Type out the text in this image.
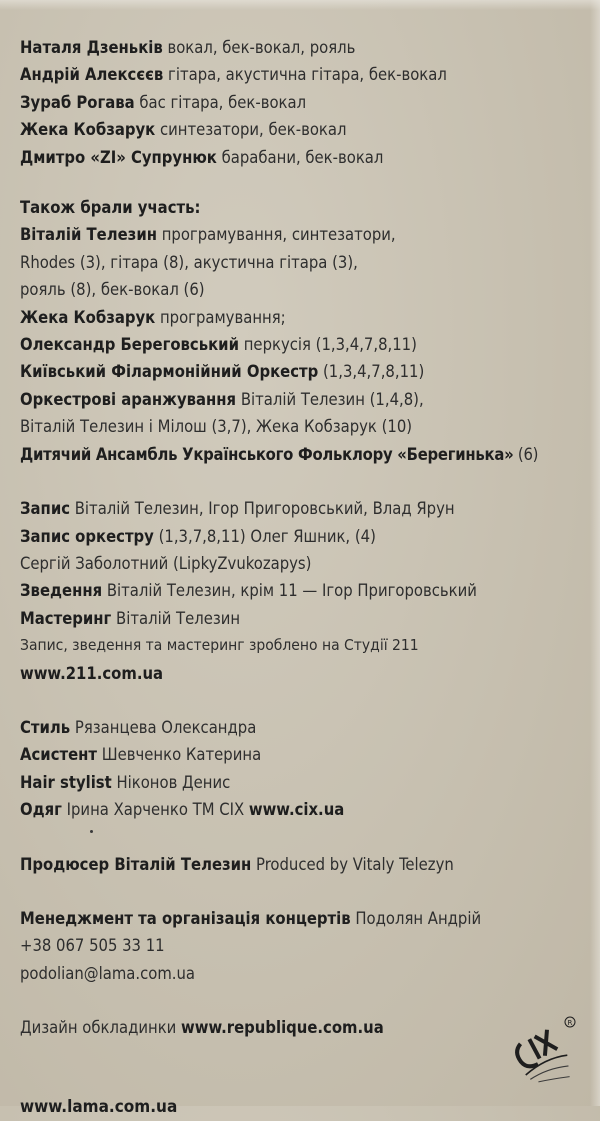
Наталя Дзеньків вокал, бек-вокал, рояль
Андрій Алексєєв гітара, акустична гітара, бек-вокал
Зураб Рогава бас гітара, бек-вокал
Жека Кобзарук синтезатори, бек-вокал
Дмитро «ZI» Супрунюк барабани, бек-вокал
Також брали участь:
Віталій Телезин програмування, синтезатори,
Rhodes (3), гітара (8), акустична гітара (3),
рояль (8), бек-вокал (6)
Жека Кобзарук програмування;
Олександр Береговський перкусія (1,3,4,7,8,11)
Київський Філармонійний Оркестр (1,3,4,7,8,11)
Оркестрові аранжування Віталій Телезин (1,4,8),
Віталій Телезин і Мілош (3,7), Жека Кобзарук (10)
Дитячий Ансамбль Українського Фольклору «Берегинька» (6)
Запис Віталій Телезин, Ігор Пригоровський, Влад Ярун
Запис оркестру (1,3,7,8,11) Олег Яшник, (4)
Сергій Заболотний (LipkyZvukozapys)
Зведення Віталій Телезин, крім 11 — Ігор Пригоровський
Мастеринг Віталій Телезин
Запис, зведення та мастеринг зроблено на Студії 211
www.211.com.ua
Стиль Рязанцева Олександра
Асистент Шевченко Катерина
Hair stylist Ніконов Денис
Одяг Ірина Харченко ТМ CIX www.cix.ua
Продюсер Віталій Телезин Produced by Vitaly Telezyn
Менеджмент та організація концертів Подолян Андрій
+38 067 505 33 11
podolian@lama.com.ua
Дизайн обкладинки www.republique.com.ua
www.lama.com.ua
R
